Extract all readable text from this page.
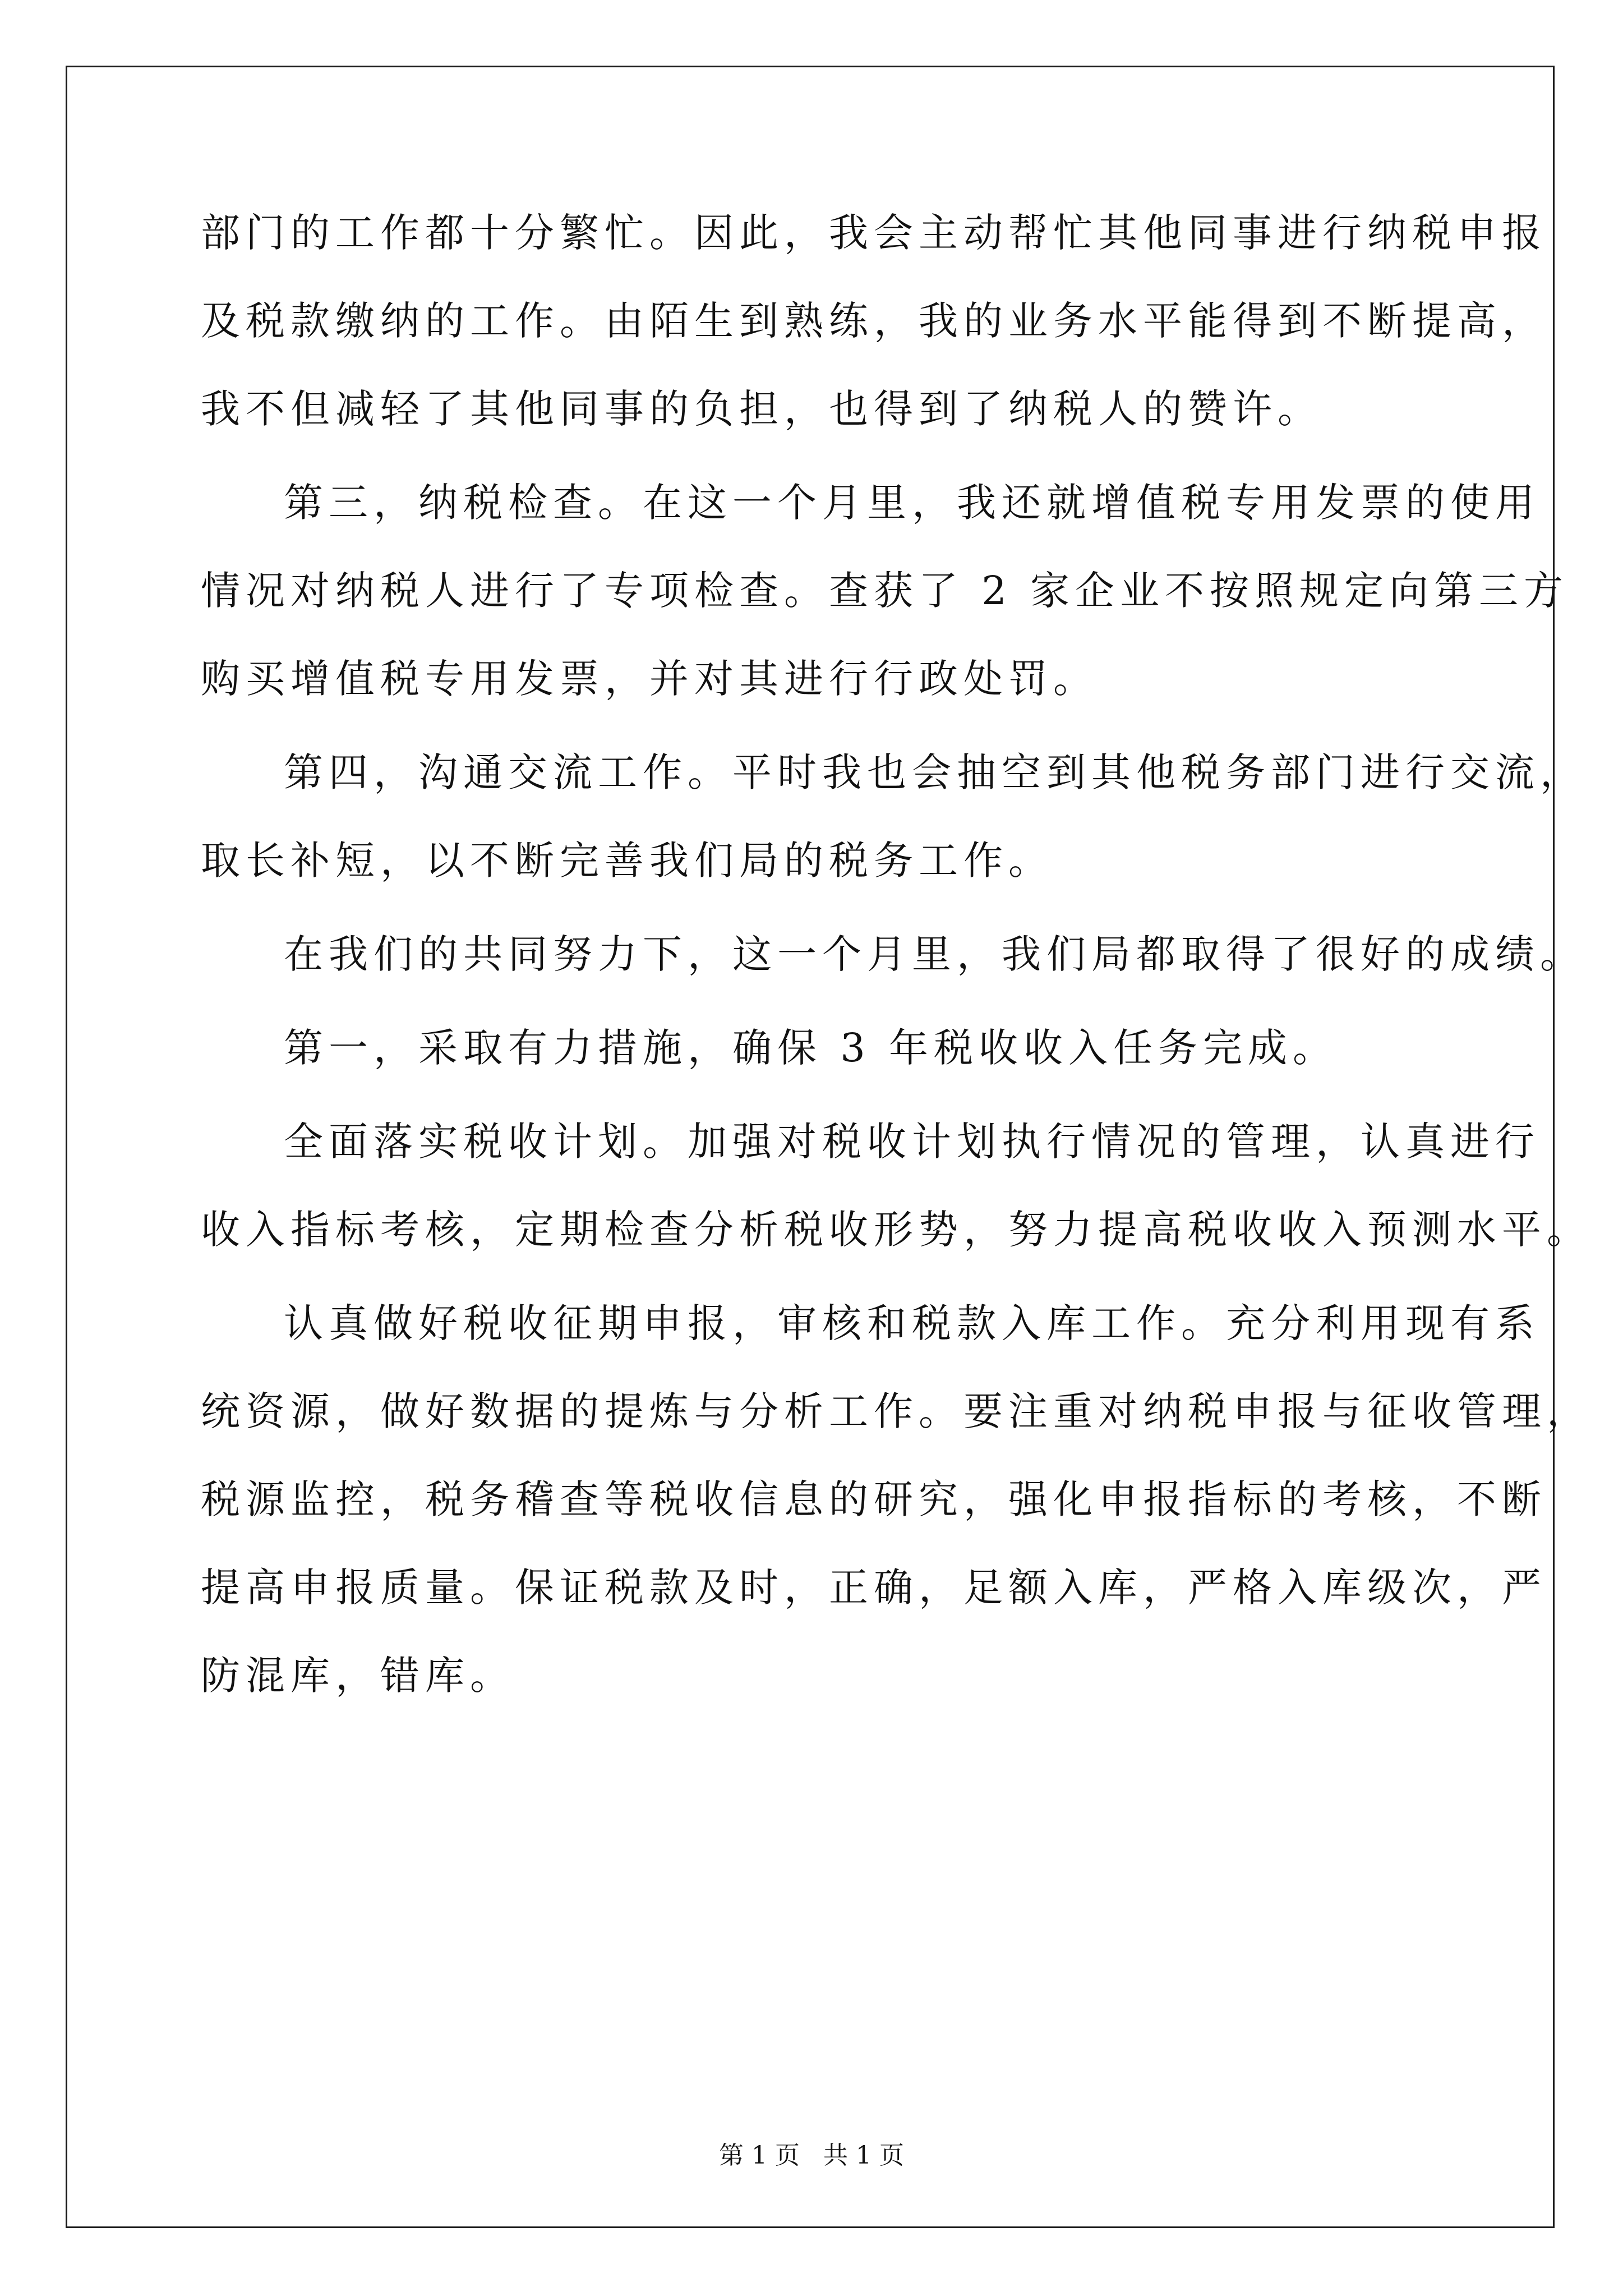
部门的工作都十分繁忙。因此，我会主动帮忙其他同事进行纳税申报
及税款缴纳的工作。由陌生到熟练，我的业务水平能得到不断提高，
我不但减轻了其他同事的负担，也得到了纳税人的赞许。
第三，纳税检查。在这一个月里，我还就增值税专用发票的使用
情况对纳税人进行了专项检查。查获了 2 家企业不按照规定向第三方
购买增值税专用发票，并对其进行行政处罚。
第四，沟通交流工作。平时我也会抽空到其他税务部门进行交流，
取长补短，以不断完善我们局的税务工作。
在我们的共同努力下，这一个月里，我们局都取得了很好的成绩。
第一，采取有力措施，确保 3 年税收收入任务完成。
全面落实税收计划。加强对税收计划执行情况的管理，认真进行
收入指标考核，定期检查分析税收形势，努力提高税收收入预测水平。
认真做好税收征期申报，审核和税款入库工作。充分利用现有系
统资源，做好数据的提炼与分析工作。要注重对纳税申报与征收管理，
税源监控，税务稽查等税收信息的研究，强化申报指标的考核，不断
提高申报质量。保证税款及时，正确，足额入库，严格入库级次，严
防混库，错库。
第 1 页   共 1 页
